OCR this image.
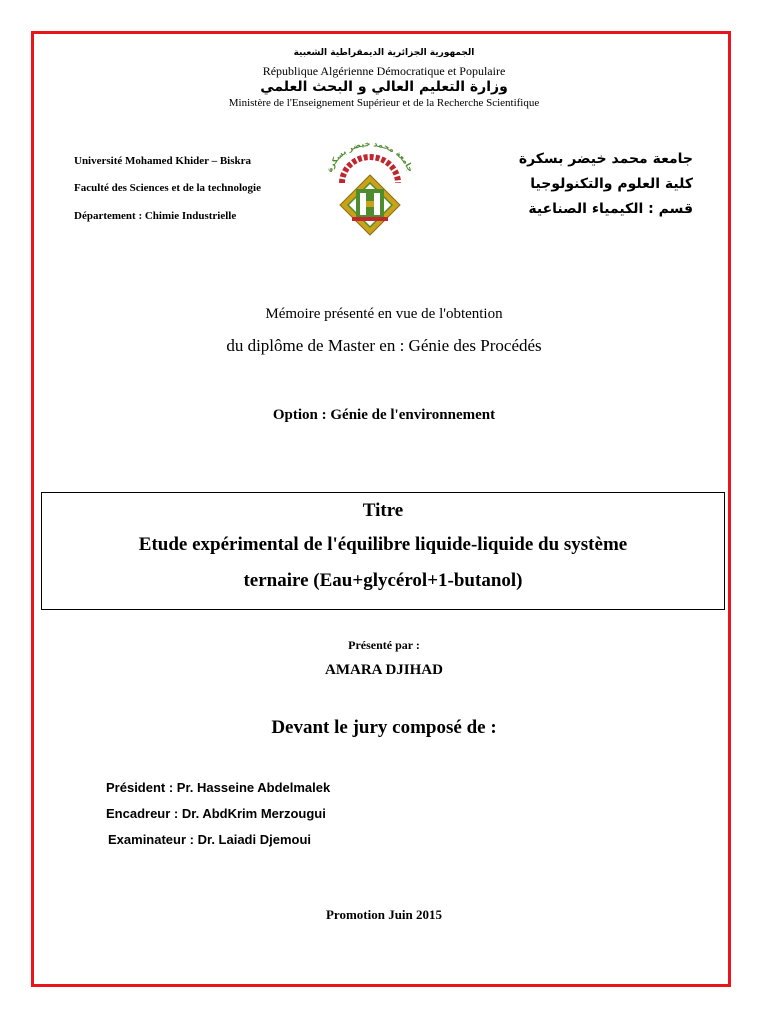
الجمهورية الجزائرية الديمقراطية الشعبية
République Algérienne Démocratique et Populaire
وزارة التعليم العالي و البحث العلمي
Ministère de l'Enseignement Supérieur et de la Recherche Scientifique
Université Mohamed Khider – Biskra
Faculté des Sciences et de la technologie
Département : Chimie Industrielle
جامعة محمد خيضر بسكرة
جامعة محمد خيضر بسكرة
كلية العلوم والتكنولوجيا
قسم : الكيمياء الصناعية
Mémoire présenté en vue de l'obtention
du diplôme de Master en : Génie des Procédés
Option : Génie de l'environnement
Titre
Etude expérimental de l'équilibre liquide-liquide du système
ternaire (Eau+glycérol+1-butanol)
Présenté par :
AMARA DJIHAD
Devant le jury composé de :
Président : Pr. Hasseine Abdelmalek
Encadreur : Dr. AbdKrim Merzougui
Examinateur : Dr. Laiadi Djemoui
Promotion Juin 2015
